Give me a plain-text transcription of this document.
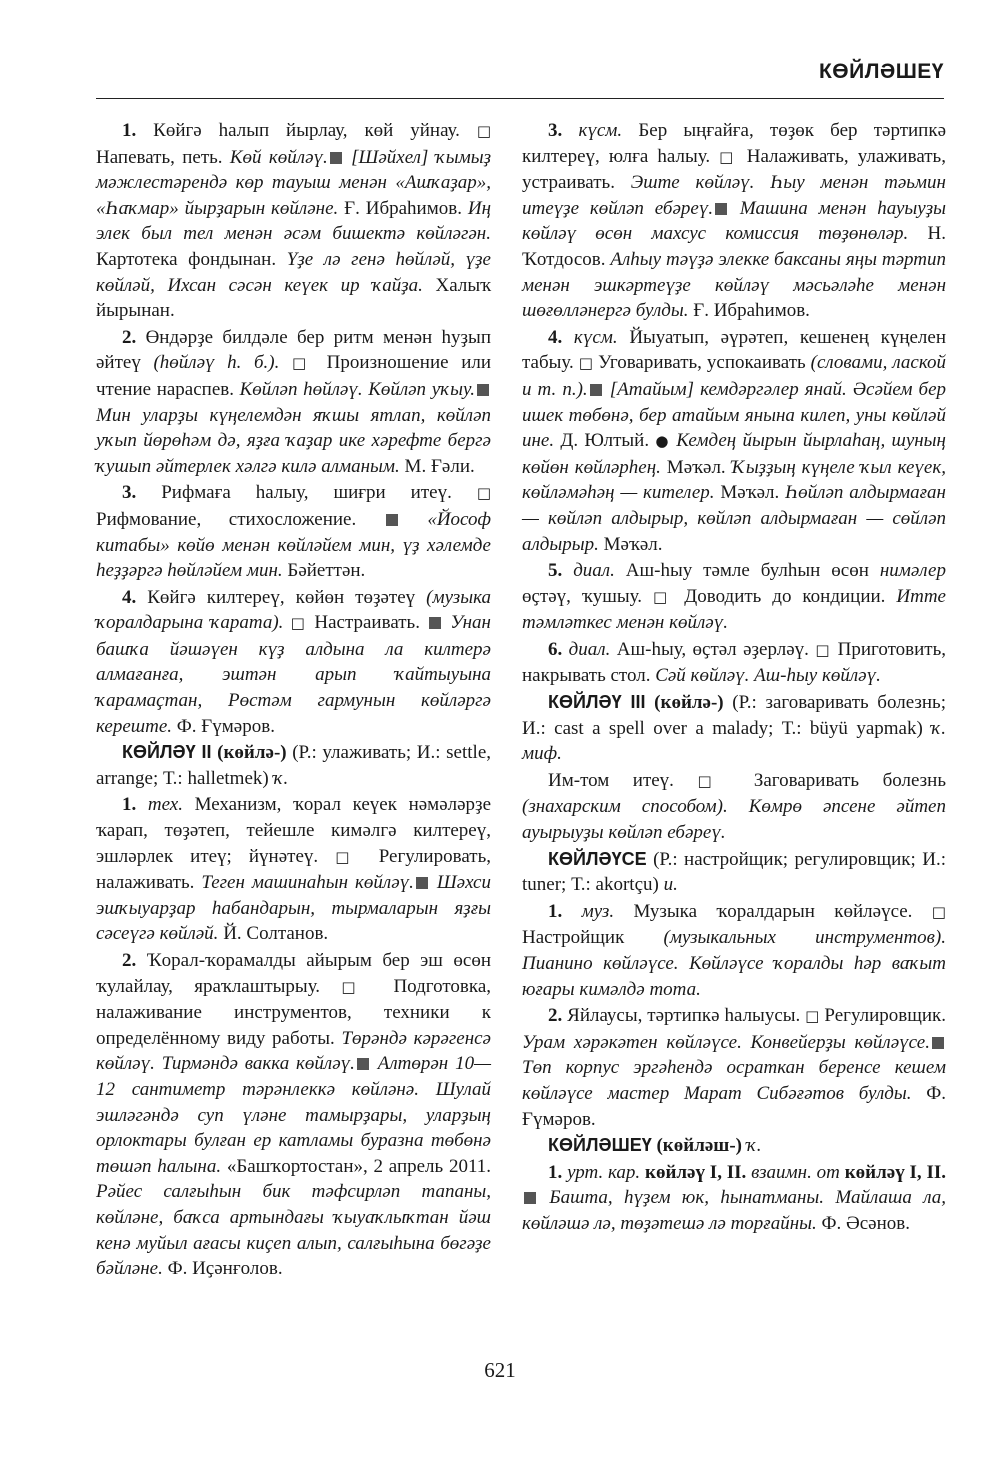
КӨЙЛӘШЕҮ

1. Көйгә һалып йырлау, көй уйнау. □ Напевать, петь. Көй көйләү. [Шәйхел] ҡымыҙ мәжлестәрендә көр тауыш менән «Ашҡаҙар», «Һаҡмар» йырҙарын көйләне. Ғ. Ибраһимов. Иң элек был тел менән әсәм бишектә көйләгән. Картотека фондынан. Үҙе лә генә һөйләй, үҙе көйләй, Ихсан сәсән кеүек ир ҡайҙа. Халыҡ йырынан.

2. Өндәрҙе билдәле бер ритм менән һуҙып әйтеү (һөйләү һ. б.). □ Произношение или чтение нараспев. Көйләп һөйләү. Көйләп уҡыу. Мин уларҙы күңелемдән яҡшы ятлап, көйләп уҡып йөрөһәм дә, яҙға ҡаҙар ике хәрефте бергә ҡушып әйтерлек хәлгә килә алманым. М. Ғәли.

3. Рифмаға һалыу, шиғри итеү. □ Рифмование, стихосложение.  «Йософ китабы» көйө менән көйләйем мин, үҙ хәлемде һеҙҙәргә һөйләйем мин. Бәйеттән.

4. Көйгә килтереү, көйөн төҙәтеү (музыка ҡоралдарына ҡарата). □ Настраивать.  Унан башҡа йәшәүен күҙ алдына ла килтерә алмағанға, эштән арып ҡайтыуына ҡарамаҫтан, Рөстәм гармунын көйләргә кереште. Ф. Ғүмәров.

КӨЙЛӘҮ II (көйлә-) (Р.: улаживать; И.: settle, arrange; Т.: halletmek) ҡ.

1. тех. Механизм, ҡорал кеүек нәмәләрҙе ҡарап, төҙәтеп, тейешле кимәлгә килтереү, эшләрлек итеү; йүнәтеү. □ Регулировать, налаживать. Теген машинаһын көйләү. Шәхси эшҡыуарҙар һабандарын, тырмаларын яҙғы сәсеүгә көйләй. Й. Солтанов.

2. Ҡорал-ҡорамалды айырым бер эш өсөн ҡулайлау, яраҡлаштырыу. □ Подготовка, налаживание инструментов, техники к определённому виду работы. Төрәндә кәрәгенсә көйләү. Тирмәндә вакка көйләү. Алтөрән 10—12 сантиметр тәрәнлеккә көйләнә. Шулай эшләгәндә суп үләне тамырҙары, уларҙың орлоктары булған ер катламы буразна төбөнә төшәп һалына. «Башҡортостан», 2 апрель 2011. Рәйес салғыһын бик тәфсирләп тапаны, көйләне, баҡса артындағы ҡыуаҡлыҡтан йәш кенә муйыл ағасы киҫеп алып, салғыһына бөгәҙе бәйләне. Ф. Иҫәнғолов.

3. күсм. Бер ыңғайға, төҙөк бер тәртипкә килтереү, юлға һалыу. □ Налаживать, улаживать, устраивать. Эште көйләү. Һыу менән тәьмин итеүҙе көйләп ебәреү. Машина менән һауыуҙы көйләү өсөн махсус комиссия төҙөнөләр. Н. Ҡотдосов. Алһыу тәүҙә элекке баксаны яңы тәртип менән эшкәртеүҙе көйләү мәсьәләһе менән шөғөлләнергә булды. Ғ. Ибраһимов.

4. күсм. Йыуатып, әүрәтеп, кешенең күңелен табыу. □ Уговаривать, успокаивать (словами, лаской и т. п.). [Атайым] кемдәргәлер янай. Әсәйем бер ишек төбөнә, бер атайым янына килеп, уны көйләй ине. Д. Юлтый. ● Кемдең йырын йырлаһаң, шуның көйөн көйләрһең. Мәҡәл. Ҡыҙҙың күңеле ҡыл кеүек, көйләмәһәң — кителер. Мәҡәл. Һөйләп алдырмаған — көйләп алдырыр, көйләп алдырмаған — сөйләп алдырыр. Мәҡәл.

5. диал. Аш-һыу тәмле булһын өсөн нимәлер өҫтәү, ҡушыу. □ Доводить до кондиции. Итте тәмләткес менән көйләү.

6. диал. Аш-һыу, өҫтәл әҙерләү. □ Приготовить, накрывать стол. Сәй көйләү. Аш-һыу көйләү.

КӨЙЛӘҮ III (көйлә-) (Р.: заговаривать болезнь; И.: cast a spell over a malady; Т.: büyü yapmak) ҡ. миф.

Им-том итеү. □ Заговаривать болезнь (знахарским способом). Көмрө әпсене әйтеп ауырыуҙы көйләп ебәреү.

КӨЙЛӘҮСЕ (Р.: настройщик; регулировщик; И.: tuner; Т.: akortçu) и.

1. муз. Музыка ҡоралдарын көйләүсе. □ Настройщик (музыкальных инструментов). Пианино көйләүсе. Көйләүсе ҡоралды һәр ваҡыт юғары кимәлдә тота.

2. Яйлаусы, тәртипкә һалыусы. □ Регулировщик. Урам хәрәкәтен көйләүсе. Конвейерҙы көйләүсе. Төп корпус эргәһендә осраткан беренсе кешем көйләүсе мастер Марат Сибәғәтов булды. Ф. Ғүмәров.

КӨЙЛӘШЕҮ (көйләш-) ҡ.

1. урт. кар. көйләү I, II. взаимн. от көйләү I, II. Башта, һүҙем юк, һынатманы. Майлаша ла, көйләшә лә, төҙәтешә лә торғайны. Ф. Әсәнов.

621
